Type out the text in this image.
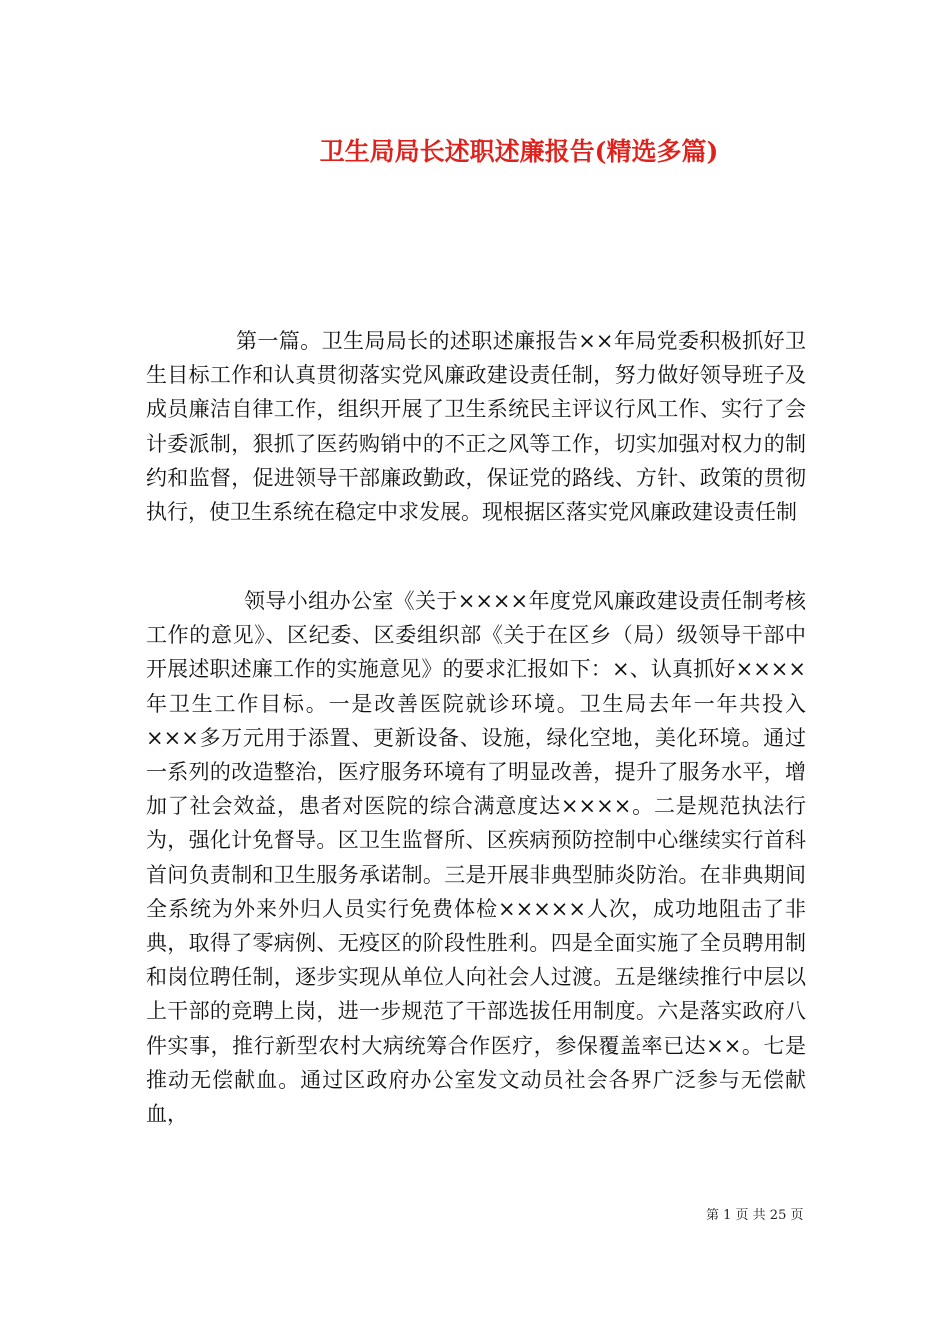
卫生局局长述职述廉报告(精选多篇)
第一篇。卫生局局长的述职述廉报告××年局党委积极抓好卫生目标工作和认真贯彻落实党风廉政建设责任制，努力做好领导班子及成员廉洁自律工作，组织开展了卫生系统民主评议行风工作、实行了会计委派制，狠抓了医药购销中的不正之风等工作，切实加强对权力的制约和监督，促进领导干部廉政勤政，保证党的路线、方针、政策的贯彻执行，使卫生系统在稳定中求发展。现根据区落实党风廉政建设责任制
领导小组办公室《关于××××年度党风廉政建设责任制考核工作的意见》、区纪委、区委组织部《关于在区乡（局）级领导干部中开展述职述廉工作的实施意见》的要求汇报如下：×、认真抓好××××年卫生工作目标。一是改善医院就诊环境。卫生局去年一年共投入×××多万元用于添置、更新设备、设施，绿化空地，美化环境。通过一系列的改造整治，医疗服务环境有了明显改善，提升了服务水平，增加了社会效益，患者对医院的综合满意度达××××。二是规范执法行为，强化计免督导。区卫生监督所、区疾病预防控制中心继续实行首科首问负责制和卫生服务承诺制。三是开展非典型肺炎防治。在非典期间全系统为外来外归人员实行免费体检×××××人次，成功地阻击了非典，取得了零病例、无疫区的阶段性胜利。四是全面实施了全员聘用制和岗位聘任制，逐步实现从单位人向社会人过渡。五是继续推行中层以上干部的竞聘上岗，进一步规范了干部选拔任用制度。六是落实政府八件实事，推行新型农村大病统筹合作医疗，参保覆盖率已达××。七是推动无偿献血。通过区政府办公室发文动员社会各界广泛参与无偿献血，
第 1 页 共 25 页
